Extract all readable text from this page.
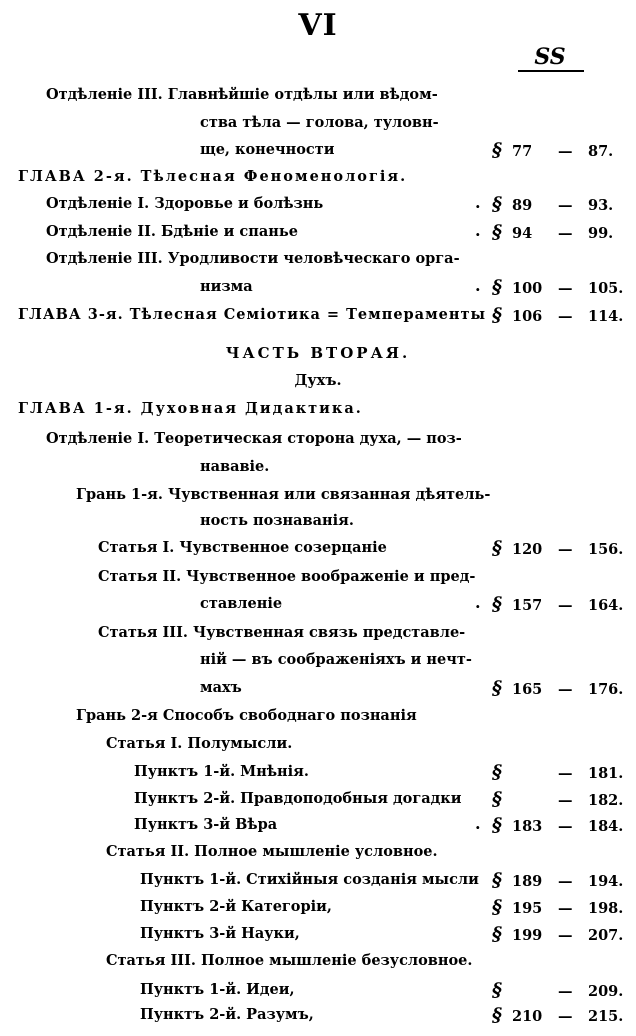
VI
SS
Отдѣленіе III. Главнѣйшіе отдѣлы или вѣдом-
ства тѣла — голова, туловн-
ще, конечности	§ 77 — 87.
ГЛАВА 2-я. Тѣлесная Феноменологія.
Отдѣленіе I. Здоровье и болѣзнь	. § 89 — 93.
Отдѣленіе II. Бдѣніе и спанье	. § 94 — 99.
Отдѣленіе III. Уродливости человѣческаго орга-
низма	. § 100 — 105.
ГЛАВА 3-я. Тѣлесная Семіотика = Темпераменты § 106 — 114.
ЧАСТЬ ВТОРАЯ.
Духъ.
ГЛАВА 1-я. Духовная Дидактика.
Отдѣленіе I. Теоретическая сторона духа, — поз-
нававіе.
Грань 1-я. Чувственная или связанная дѣятель-
ность познаванія.
Статья I. Чувственное созерцаніе	§ 120 — 156.
Статья II. Чувственное воображеніе и пред-
ставленіе	. § 157 — 164.
Статья III. Чувственная связь представле-
ній — въ соображеніяхъ и нечт-
махъ	§ 165 — 176.
Грань 2-я Способъ свободнаго познанія
Статья I. Полумысли.
Пунктъ 1-й. Мнѣнія.	§	— 181.
Пунктъ 2-й. Правдоподобныя догадки §	— 182.
Пунктъ 3-й Вѣра	. § 183 — 184.
Статья II. Полное мышленіе условное.
Пунктъ 1-й. Стихійныя созданія мысли § 189 — 194.
Пунктъ 2-й Категоріи,	§ 195 — 198.
Пунктъ 3-й Науки,	§ 199 — 207.
Статья III. Полное мышленіе безусловное.
Пунктъ 1-й. Идеи,	§	— 209.
Пунктъ 2-й. Разумъ,	§ 210 — 215.
